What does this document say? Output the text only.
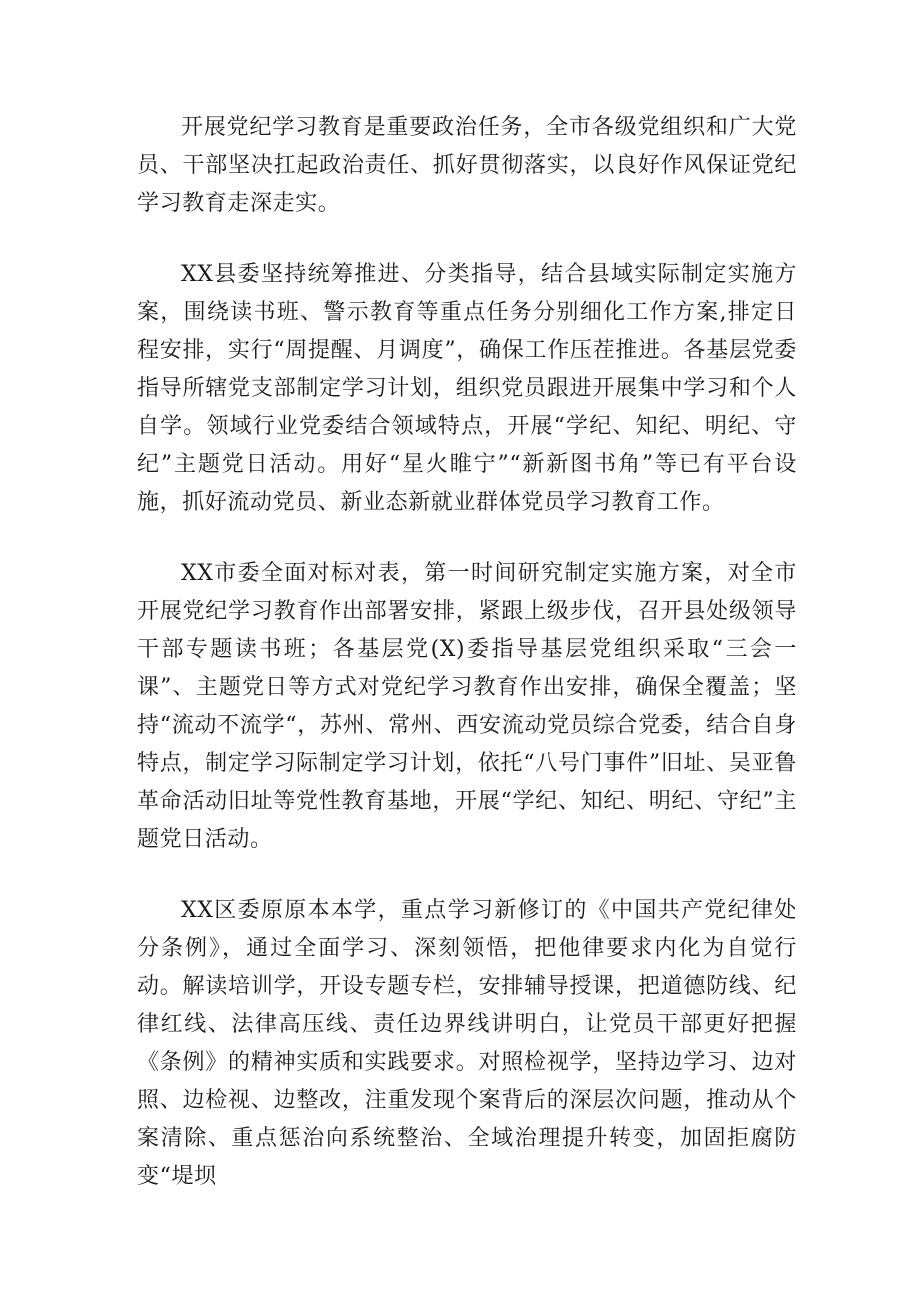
开展党纪学习教育是重要政治任务，全市各级党组织和广大党员、干部坚决扛起政治责任、抓好贯彻落实，以良好作风保证党纪学习教育走深走实。

XX县委坚持统筹推进、分类指导，结合县域实际制定实施方案，围绕读书班、警示教育等重点任务分别细化工作方案,排定日程安排，实行“周提醒、月调度”，确保工作压茬推进。各基层党委指导所辖党支部制定学习计划，组织党员跟进开展集中学习和个人自学。领域行业党委结合领域特点，开展“学纪、知纪、明纪、守纪”主题党日活动。用好“星火睢宁”“新新图书角”等已有平台设施，抓好流动党员、新业态新就业群体党员学习教育工作。

XX市委全面对标对表，第一时间研究制定实施方案，对全市开展党纪学习教育作出部署安排，紧跟上级步伐，召开县处级领导干部专题读书班；各基层党(X)委指导基层党组织采取“三会一课”、主题党日等方式对党纪学习教育作出安排，确保全覆盖；坚持“流动不流学“，苏州、常州、西安流动党员综合党委，结合自身特点，制定学习际制定学习计划，依托“八号门事件”旧址、吴亚鲁革命活动旧址等党性教育基地，开展“学纪、知纪、明纪、守纪”主题党日活动。

XX区委原原本本学，重点学习新修订的《中国共产党纪律处分条例》，通过全面学习、深刻领悟，把他律要求内化为自觉行动。解读培训学，开设专题专栏，安排辅导授课，把道德防线、纪律红线、法律高压线、责任边界线讲明白，让党员干部更好把握《条例》的精神实质和实践要求。对照检视学，坚持边学习、边对照、边检视、边整改，注重发现个案背后的深层次问题，推动从个案清除、重点惩治向系统整治、全域治理提升转变，加固拒腐防变“堤坝
